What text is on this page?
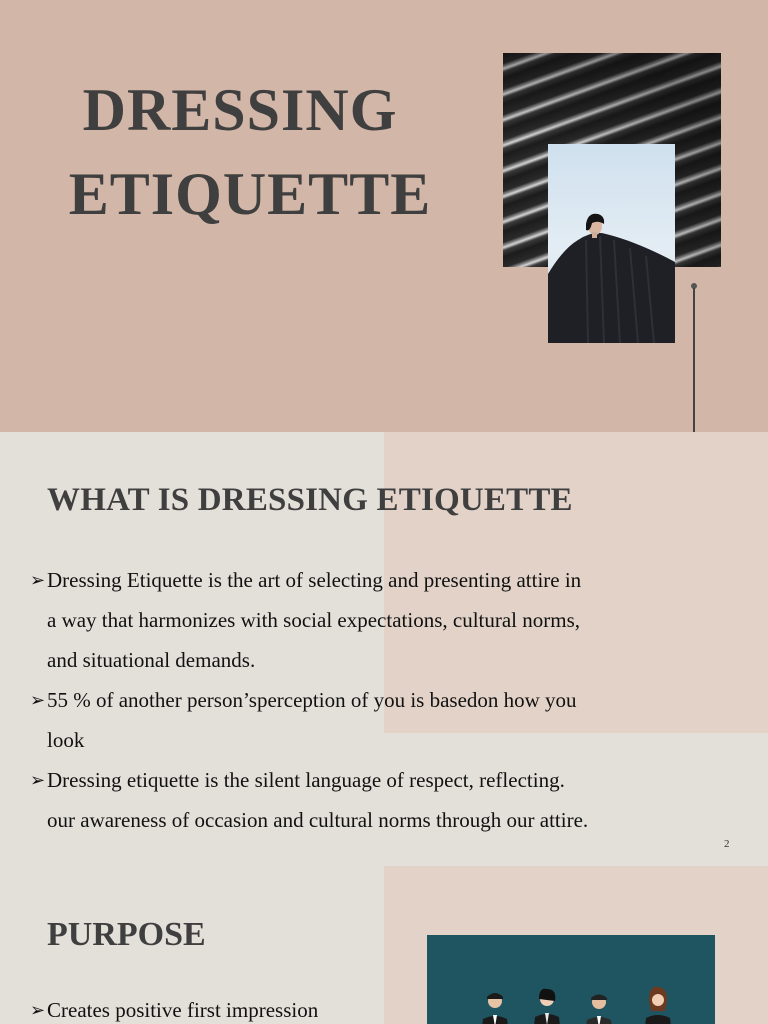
DRESSING
ETIQUETTE
WHAT IS DRESSING ETIQUETTE
➢ Dressing Etiquette is the art of selecting and presenting attire in
a way that harmonizes with social expectations, cultural norms,
and situational demands.
➢ 55 % of another person’sperception of you is basedon how you
look
➢ Dressing etiquette is the silent language of respect, reflecting.
our awareness of occasion and cultural norms through our attire.
2
PURPOSE
➢ Creates positive first impression
